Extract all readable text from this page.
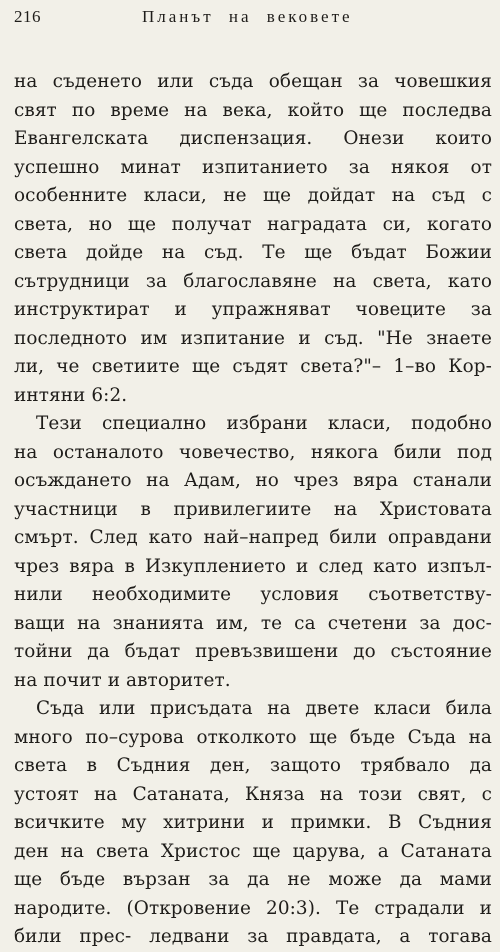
216	Планът на вековете
на съденето или съда обещан за човешкия
свят по време на века, който ще последва
Евангелската диспензация. Онези които
успешно минат изпитанието за някоя от
особенните класи, не ще дойдат на съд с
света, но ще получат наградата си, когато
света дойде на съд. Те ще бъдат Божии
сътрудници за благославяне на света, като
инструктират и упражняват човеците за
последното им изпитание и съд. "Не знаете
ли, че светиите ще съдят света?"– 1–во Кор-
интяни 6:2.
Тези специално избрани класи, подобно
на останалото човечество, някога били под
осъждането на Адам, но чрез вяра станали
участници в привилегиите на Христовата
смърт. След като най–напред били оправдани
чрез вяра в Изкуплението и след като изпъл-
нили необходимите условия съответству-
ващи на знанията им, те са счетени за дос-
тойни да бъдат превъзвишени до състояние
на почит и авторитет.
Съда или присъдата на двете класи била
много по–сурова отколкото ще бъде Съда на
света в Съдния ден, защото трябвало да
устоят на Сатаната, Княза на този свят, с
всичките му хитрини и примки. В Съдния
ден на света Христос ще царува, а Сатаната
ще бъде вързан за да не може да мами
народите. (Откровение 20:3). Те страдали и
били прес- ледвани за правдата, а тогава
